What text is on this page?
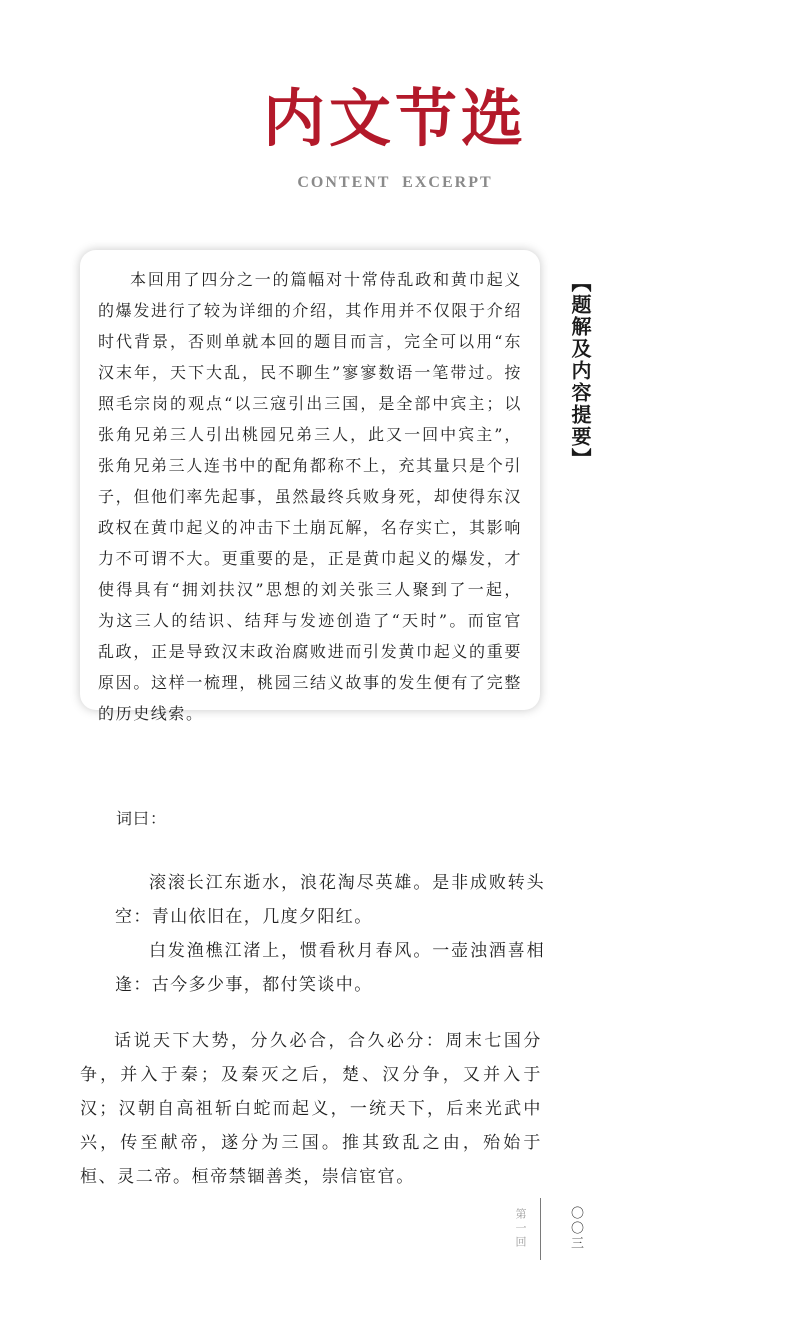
内文节选
CONTENT EXCERPT

本回用了四分之一的篇幅对十常侍乱政和黄巾起义的爆发进行了较为详细的介绍，其作用并不仅限于介绍时代背景，否则单就本回的题目而言，完全可以用“东汉末年，天下大乱，民不聊生”寥寥数语一笔带过。按照毛宗岗的观点“以三寇引出三国，是全部中宾主；以张角兄弟三人引出桃园兄弟三人，此又一回中宾主”，张角兄弟三人连书中的配角都称不上，充其量只是个引子，但他们率先起事，虽然最终兵败身死，却使得东汉政权在黄巾起义的冲击下土崩瓦解，名存实亡，其影响力不可谓不大。更重要的是，正是黄巾起义的爆发，才使得具有“拥刘扶汉”思想的刘关张三人聚到了一起，为这三人的结识、结拜与发迹创造了“天时”。而宦官乱政，正是导致汉末政治腐败进而引发黄巾起义的重要原因。这样一梳理，桃园三结义故事的发生便有了完整的历史线索。

【题解及内容提要】
词曰：

滚滚长江东逝水，浪花淘尽英雄。是非成败转头空：青山依旧在，几度夕阳红。

白发渔樵江渚上，惯看秋月春风。一壶浊酒喜相逢：古今多少事，都付笑谈中。

话说天下大势，分久必合，合久必分：周末七国分争，并入于秦；及秦灭之后，楚、汉分争，又并入于汉；汉朝自高祖斩白蛇而起义，一统天下，后来光武中兴，传至献帝，遂分为三国。推其致乱之由，殆始于桓、灵二帝。桓帝禁锢善类，崇信宦官。

第一回	〇〇三
